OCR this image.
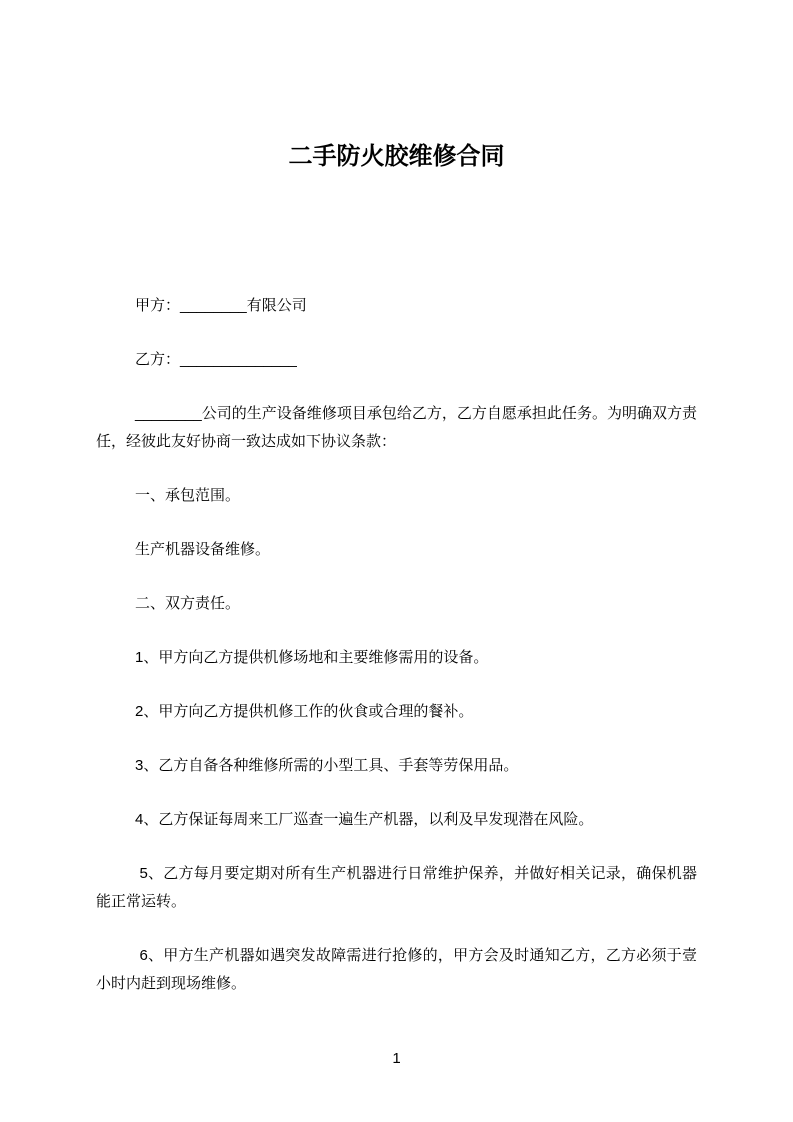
二手防火胶维修合同

甲方：________有限公司

乙方：______________

________公司的生产设备维修项目承包给乙方，乙方自愿承担此任务。为明确双方责任，经彼此友好协商一致达成如下协议条款：

一、承包范围。

生产机器设备维修。

二、双方责任。

1、甲方向乙方提供机修场地和主要维修需用的设备。

2、甲方向乙方提供机修工作的伙食或合理的餐补。

3、乙方自备各种维修所需的小型工具、手套等劳保用品。

4、乙方保证每周来工厂巡查一遍生产机器，以利及早发现潜在风险。

5、乙方每月要定期对所有生产机器进行日常维护保养，并做好相关记录，确保机器能正常运转。

6、甲方生产机器如遇突发故障需进行抢修的，甲方会及时通知乙方，乙方必须于壹小时内赶到现场维修。

1
